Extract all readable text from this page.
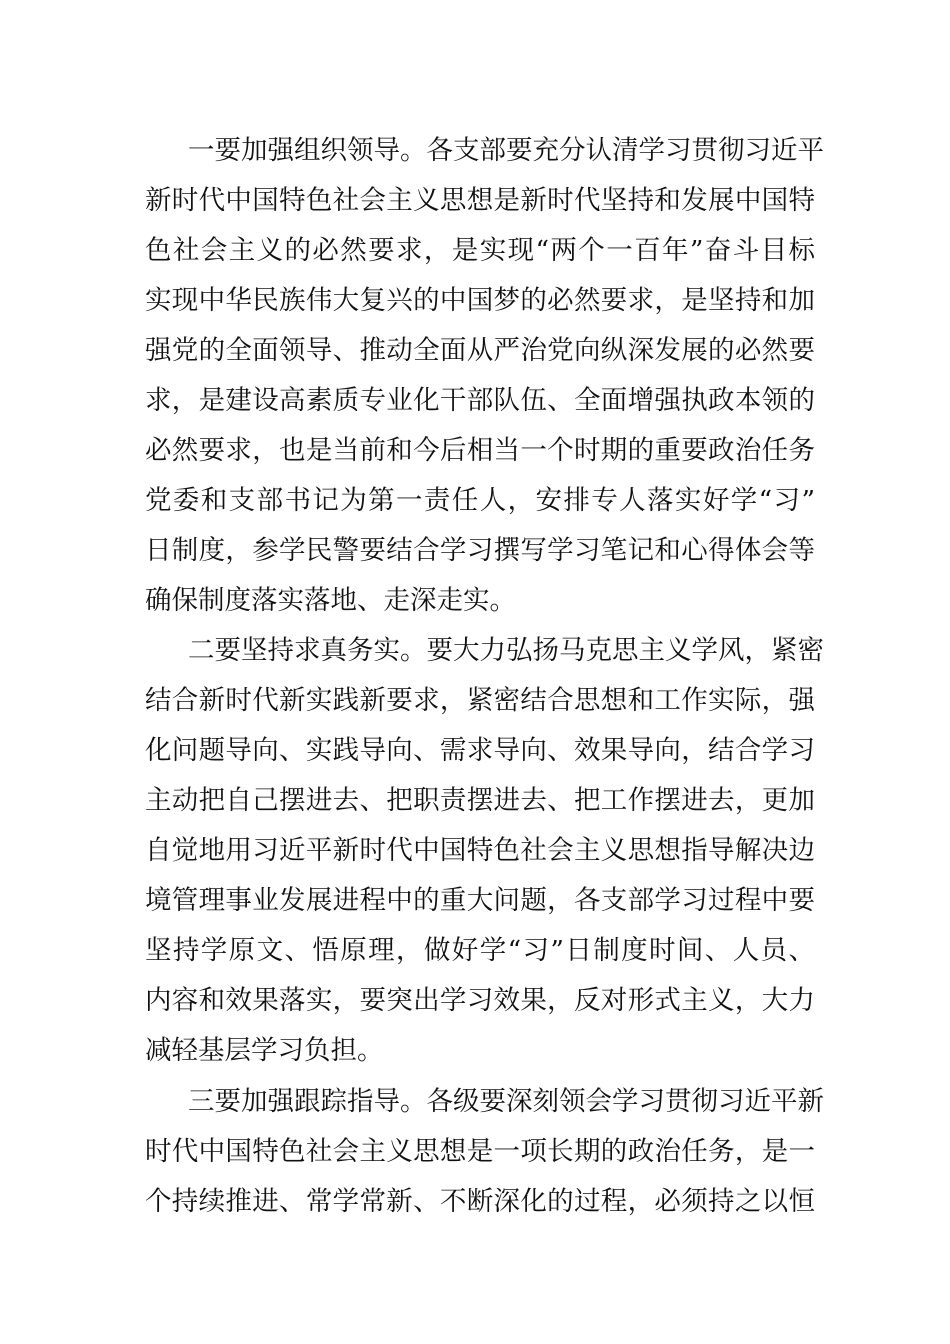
一要加强组织领导。各支部要充分认清学习贯彻习近平
新时代中国特色社会主义思想是新时代坚持和发展中国特
色社会主义的必然要求，是实现“两个一百年”奋斗目标
实现中华民族伟大复兴的中国梦的必然要求，是坚持和加
强党的全面领导、推动全面从严治党向纵深发展的必然要
求，是建设高素质专业化干部队伍、全面增强执政本领的
必然要求，也是当前和今后相当一个时期的重要政治任务
党委和支部书记为第一责任人，安排专人落实好学“习”
日制度，参学民警要结合学习撰写学习笔记和心得体会等
确保制度落实落地、走深走实。
二要坚持求真务实。要大力弘扬马克思主义学风，紧密
结合新时代新实践新要求，紧密结合思想和工作实际，强
化问题导向、实践导向、需求导向、效果导向，结合学习
主动把自己摆进去、把职责摆进去、把工作摆进去，更加
自觉地用习近平新时代中国特色社会主义思想指导解决边
境管理事业发展进程中的重大问题，各支部学习过程中要
坚持学原文、悟原理，做好学“习”日制度时间、人员、
内容和效果落实，要突出学习效果，反对形式主义，大力
减轻基层学习负担。
三要加强跟踪指导。各级要深刻领会学习贯彻习近平新
时代中国特色社会主义思想是一项长期的政治任务，是一
个持续推进、常学常新、不断深化的过程，必须持之以恒
